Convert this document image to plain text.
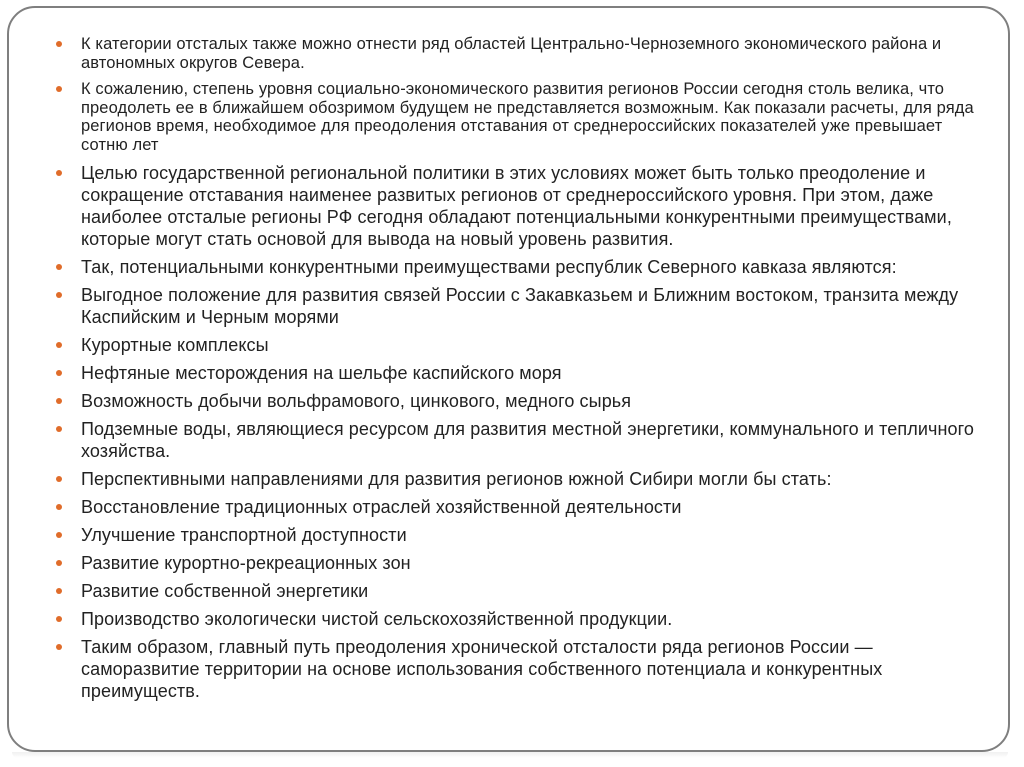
К категории отсталых также можно отнести ряд областей Центрально-Черноземного экономического района и автономных округов Севера.
К сожалению, степень уровня социально-экономического развития регионов России сегодня столь велика, что преодолеть ее в ближайшем обозримом будущем не представляется возможным. Как показали расчеты, для ряда регионов время, необходимое для преодоления отставания от среднероссийских показателей уже превышает сотню лет
Целью государственной региональной политики в этих условиях может быть только преодоление и сокращение отставания наименее развитых регионов от среднероссийского уровня. При этом, даже наиболее отсталые регионы РФ сегодня обладают потенциальными конкурентными преимуществами, которые могут стать основой для вывода на новый уровень развития.
Так, потенциальными конкурентными преимуществами республик Северного кавказа являются:
Выгодное положение для развития связей России с Закавказьем и Ближним востоком, транзита между Каспийским и Черным морями
Курортные комплексы
Нефтяные месторождения на шельфе каспийского моря
Возможность добычи вольфрамового, цинкового, медного сырья
Подземные воды, являющиеся ресурсом для развития местной энергетики, коммунального и тепличного хозяйства.
Перспективными направлениями для развития регионов южной Сибири могли бы стать:
Восстановление традиционных отраслей хозяйственной деятельности
Улучшение транспортной доступности
Развитие курортно-рекреационных зон
Развитие собственной энергетики
Производство экологически чистой сельскохозяйственной продукции.
Таким образом, главный путь преодоления хронической отсталости ряда регионов России — саморазвитие территории на основе использования собственного потенциала и конкурентных преимуществ.
